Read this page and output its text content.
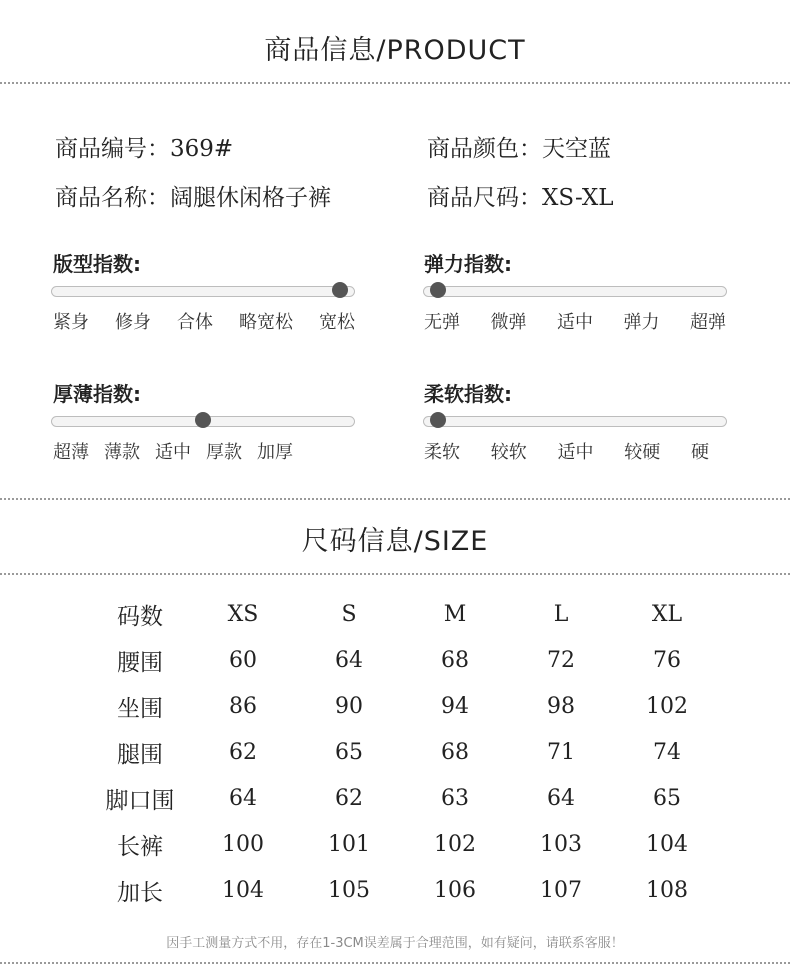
商品信息/PRODUCT
商品编号：369#	商品颜色：天空蓝
商品名称：阔腿休闲格子裤	商品尺码：XS-XL
版型指数:
紧身 修身 合体 略宽松 宽松
弹力指数:
无弹 微弹 适中 弹力 超弹
厚薄指数:
超薄 薄款 适中 厚款 加厚
柔软指数:
柔软 较软 适中 较硬 硬
尺码信息/SIZE
码数	XS	S	M	L	XL
腰围	60	64	68	72	76
坐围	86	90	94	98	102
腿围	62	65	68	71	74
脚口围	64	62	63	64	65
长裤	100	101	102	103	104
加长	104	105	106	107	108
因手工测量方式不用，存在1-3CM误差属于合理范围，如有疑问，请联系客服！
